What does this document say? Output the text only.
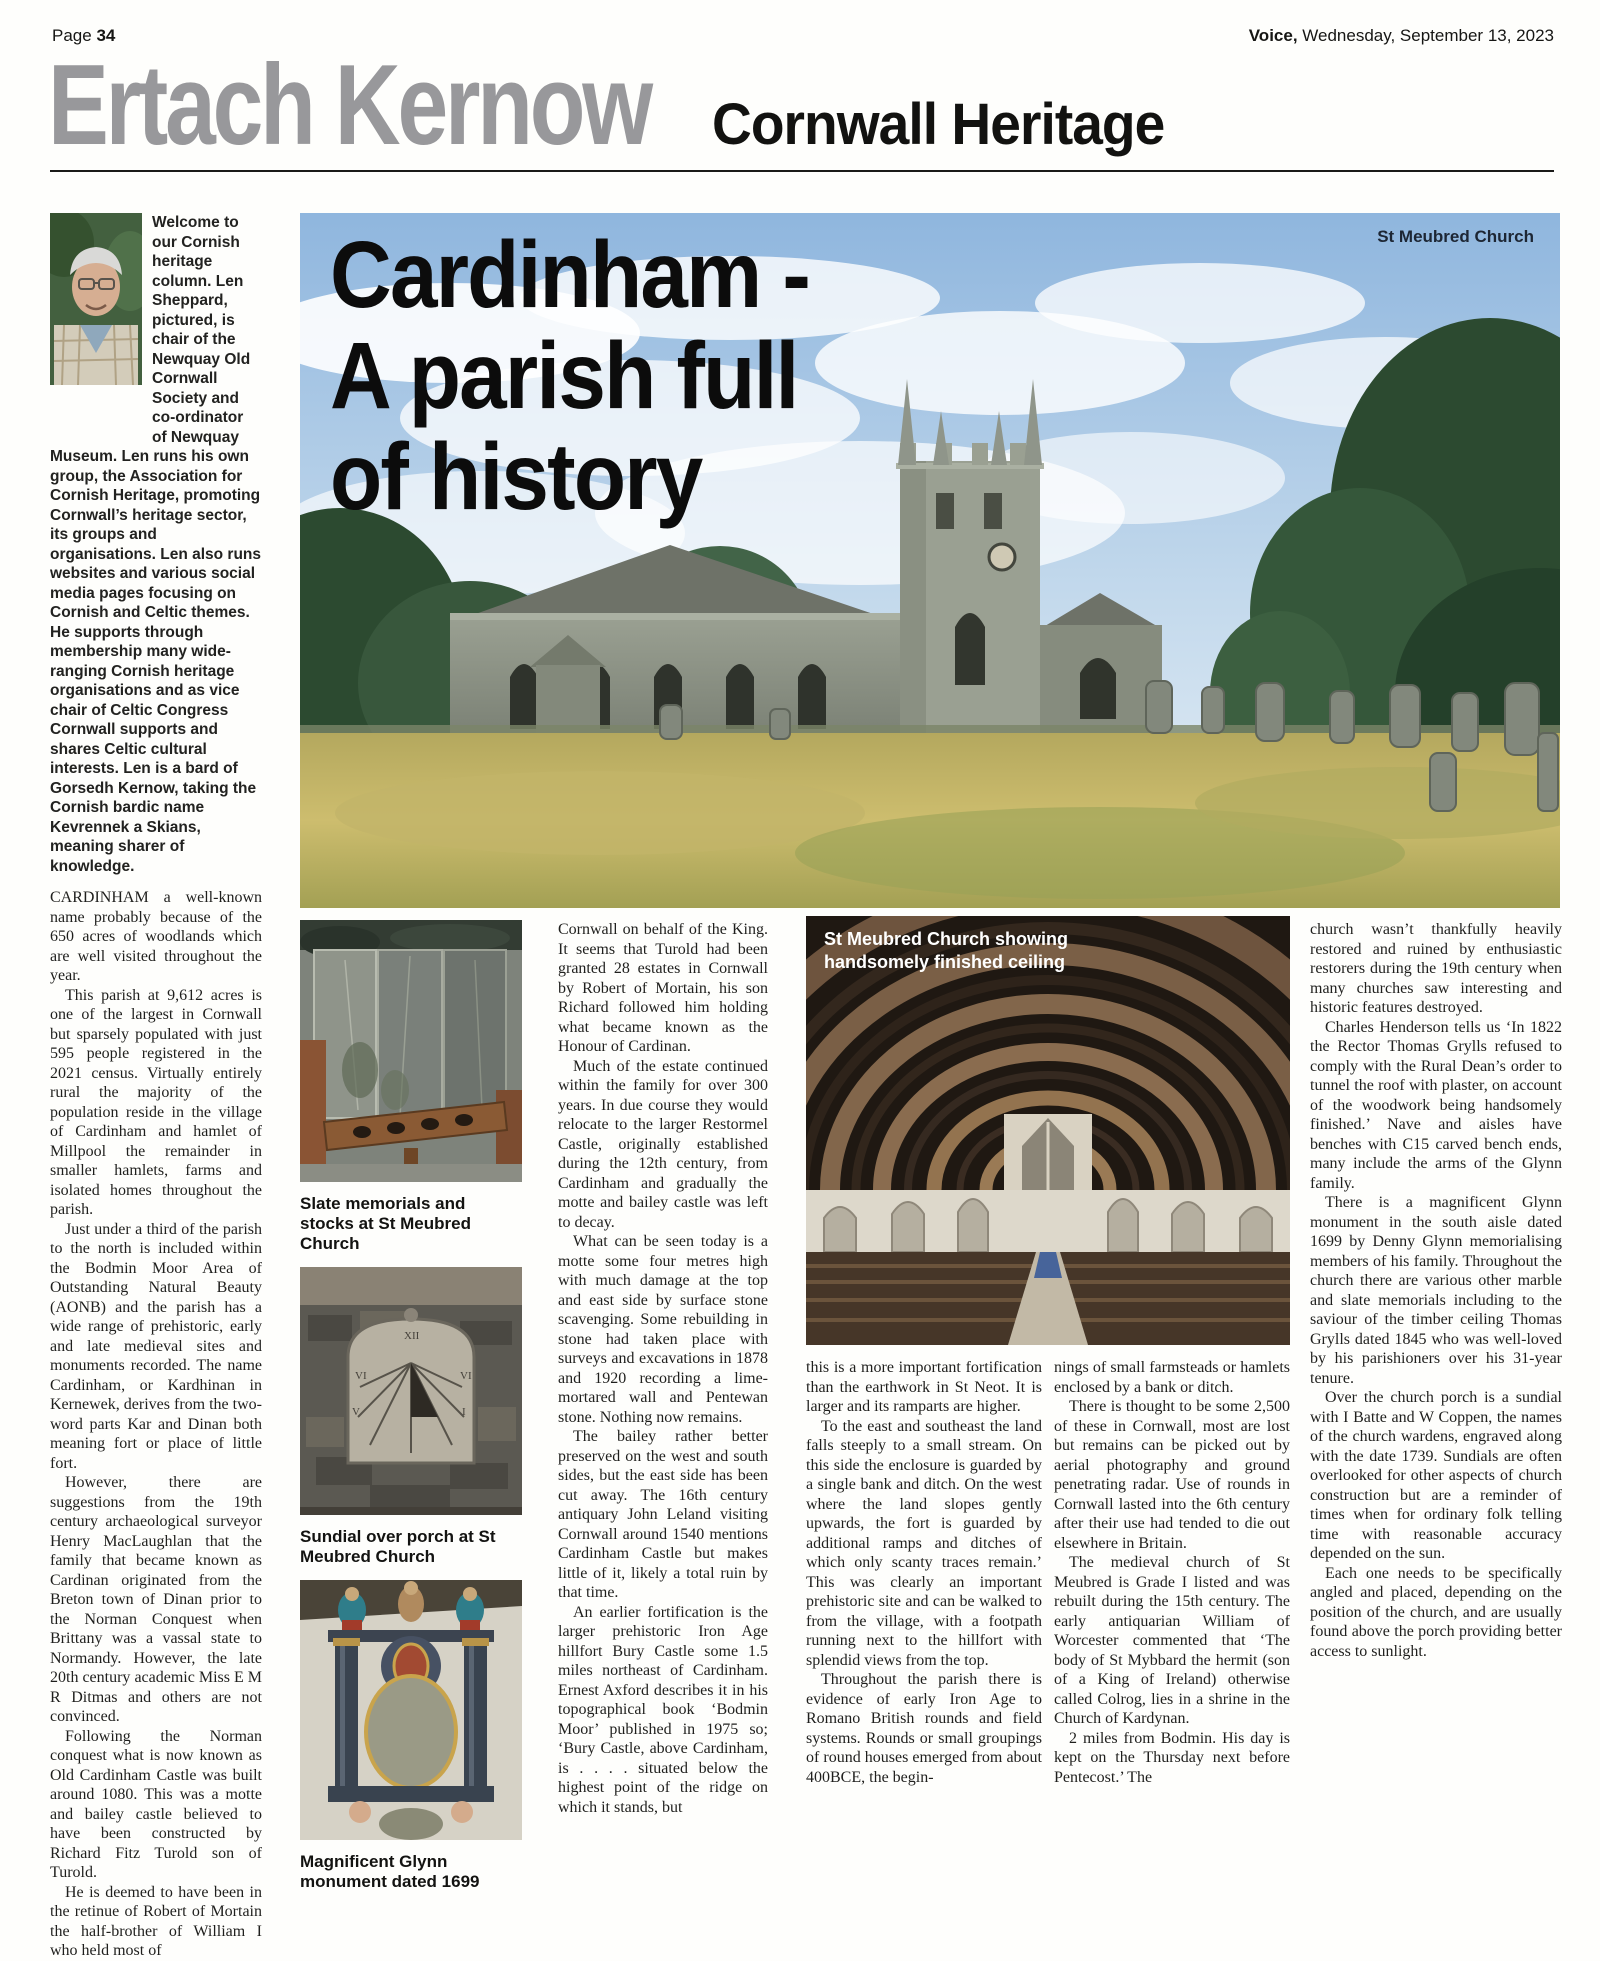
Page 34	Voice, Wednesday, September 13, 2023
Ertach Kernow Cornwall Heritage

Welcome to our Cornish heritage column. Len Sheppard, pictured, is chair of the Newquay Old Cornwall Society and co-ordinator of Newquay

Museum. Len runs his own group, the Association for Cornish Heritage, promoting Cornwall’s heritage sector, its groups and organisations. Len also runs websites and various social media pages focusing on Cornish and Celtic themes. He supports through membership many wide-ranging Cornish heritage organisations and as vice chair of Celtic Congress Cornwall supports and shares Celtic cultural interests. Len is a bard of Gorsedh Kernow, taking the Cornish bardic name Kevrennek a Skians, meaning sharer of knowledge.

CARDINHAM a well-known name probably because of the 650 acres of woodlands which are well visited throughout the year.

This parish at 9,612 acres is one of the largest in Cornwall but sparsely populated with just 595 people registered in the 2021 census. Virtually entirely rural the majority of the population reside in the village of Cardinham and hamlet of Millpool the remainder in smaller hamlets, farms and isolated homes throughout the parish.

Just under a third of the parish to the north is included within the Bodmin Moor Area of Outstanding Natural Beauty (AONB) and the parish has a wide range of prehistoric, early and late medieval sites and monuments recorded. The name Cardinham, or Kardhinan in Kernewek, derives from the two-word parts Kar and Dinan both meaning fort or place of little fort.

However, there are suggestions from the 19th century archaeological surveyor Henry MacLaughlan that the family that became known as Cardinan originated from the Breton town of Dinan prior to the Norman Conquest when Brittany was a vassal state to Normandy. However, the late 20th century academic Miss E M R Ditmas and others are not convinced.

Following the Norman conquest what is now known as Old Cardinham Castle was built around 1080. This was a motte and bailey castle believed to have been constructed by Richard Fitz Turold son of Turold.

He is deemed to have been in the retinue of Robert of Mortain the half-brother of William I who held most of

Cardinham -
A parish full
of history
St Meubred Church
Slate memorials and stocks at St Meubred Church
VI
V
VI
I
XII
Sundial over porch at St Meubred Church
Magnificent Glynn monument dated 1699

Cornwall on behalf of the King. It seems that Turold had been granted 28 estates in Cornwall by Robert of Mortain, his son Richard followed him holding what became known as the Honour of Cardinan.

Much of the estate continued within the family for over 300 years. In due course they would relocate to the larger Restormel Castle, originally established during the 12th century, from Cardinham and gradually the motte and bailey castle was left to decay.

What can be seen today is a motte some four metres high with much damage at the top and east side by surface stone scavenging. Some rebuilding in stone had taken place with surveys and excavations in 1878 and 1920 recording a lime-mortared wall and Pentewan stone. Nothing now remains.

The bailey rather better preserved on the west and south sides, but the east side has been cut away. The 16th century antiquary John Leland visiting Cornwall around 1540 mentions Cardinham Castle but makes little of it, likely a total ruin by that time.

An earlier fortification is the larger prehistoric Iron Age hillfort Bury Castle some 1.5 miles northeast of Cardinham. Ernest Axford describes it in his topographical book ‘Bodmin Moor’ published in 1975 so; ‘Bury Castle, above Cardinham, is . . . . situated below the highest point of the ridge on which it stands, but

St Meubred Church showing
handsomely finished ceiling

this is a more important fortification than the earthwork in St Neot. It is larger and its ramparts are higher.

To the east and southeast the land falls steeply to a small stream. On this side the enclosure is guarded by a single bank and ditch. On the west where the land slopes gently upwards, the fort is guarded by additional ramps and ditches of which only scanty traces remain.’ This was clearly an important prehistoric site and can be walked to from the village, with a footpath running next to the hillfort with splendid views from the top.

Throughout the parish there is evidence of early Iron Age to Romano British rounds and field systems. Rounds or small groupings of round houses emerged from about 400BCE, the begin-

nings of small farmsteads or hamlets enclosed by a bank or ditch.

There is thought to be some 2,500 of these in Cornwall, most are lost but remains can be picked out by aerial photography and ground penetrating radar. Use of rounds in Cornwall lasted into the 6th century after their use had tended to die out elsewhere in Britain.

The medieval church of St Meubred is Grade I listed and was rebuilt during the 15th century. The early antiquarian William of Worcester commented that ‘The body of St Mybbard the hermit (son of a King of Ireland) otherwise called Colrog, lies in a shrine in the Church of Kardynan.

2 miles from Bodmin. His day is kept on the Thursday next before Pentecost.’ The

church wasn’t thankfully heavily restored and ruined by enthusiastic restorers during the 19th century when many churches saw interesting and historic features destroyed.

Charles Henderson tells us ‘In 1822 the Rector Thomas Grylls refused to comply with the Rural Dean’s order to tunnel the roof with plaster, on account of the woodwork being handsomely finished.’ Nave and aisles have benches with C15 carved bench ends, many include the arms of the Glynn family.

There is a magnificent Glynn monument in the south aisle dated 1699 by Denny Glynn memorialising members of his family. Throughout the church there are various other marble and slate memorials including to the saviour of the timber ceiling Thomas Grylls dated 1845 who was well-loved by his parishioners over his 31-year tenure.

Over the church porch is a sundial with I Batte and W Coppen, the names of the church wardens, engraved along with the date 1739. Sundials are often overlooked for other aspects of church construction but are a reminder of times when for ordinary folk telling time with reasonable accuracy depended on the sun.

Each one needs to be specifically angled and placed, depending on the position of the church, and are usually found above the porch providing better access to sunlight.
